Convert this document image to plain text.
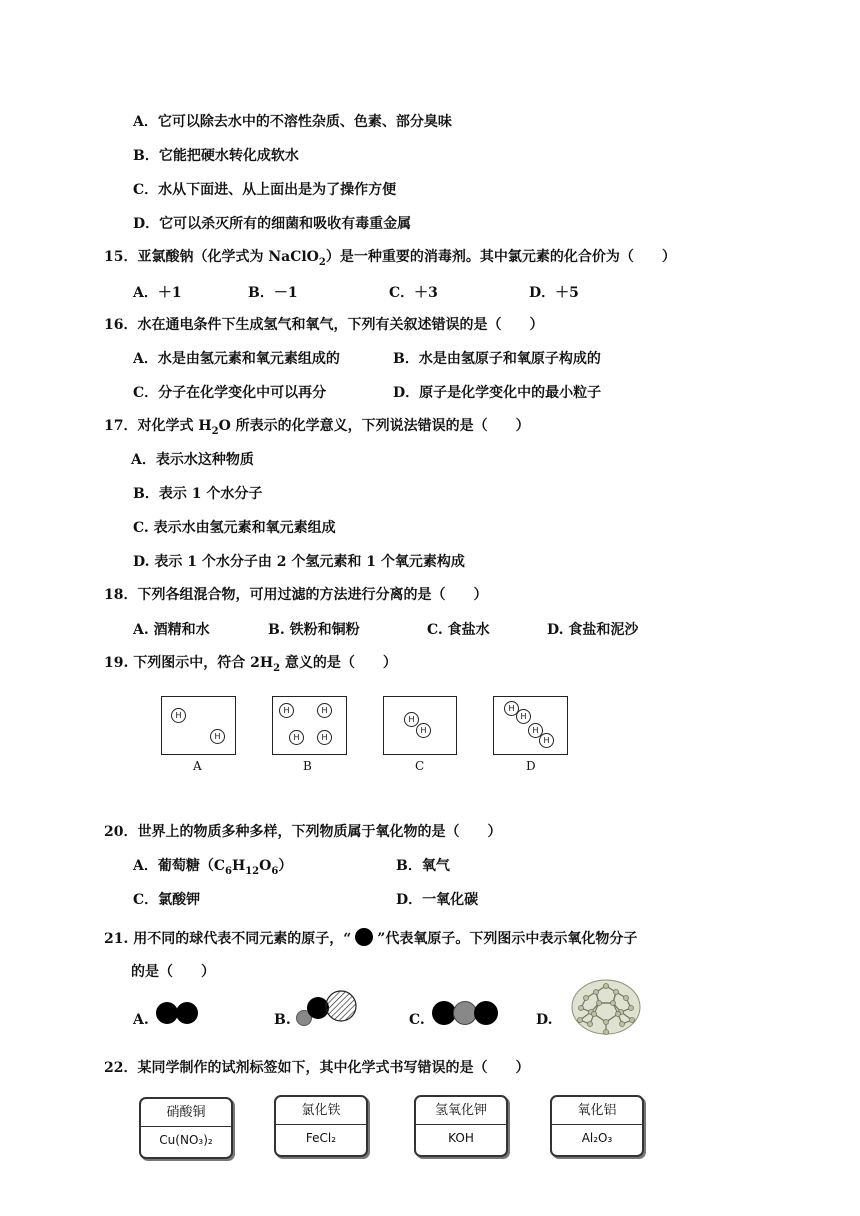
A．它可以除去水中的不溶性杂质、色素、部分臭味
B．它能把硬水转化成软水
C．水从下面进、从上面出是为了操作方便
D．它可以杀灭所有的细菌和吸收有毒重金属
15．亚氯酸钠（化学式为 NaClO$_2$）是一种重要的消毒剂。其中氯元素的化合价为（　　）
A．＋1	B．－1	C．＋3	D．＋5
16．水在通电条件下生成氢气和氧气，下列有关叙述错误的是（　　）
A．水是由氢元素和氧元素组成的	B．水是由氢原子和氧原子构成的
C．分子在化学变化中可以再分	D．原子是化学变化中的最小粒子
17．对化学式 $H_2O$ 所表示的化学意义，下列说法错误的是（　　）
A．表示水这种物质
B．表示 1 个水分子
C. 表示水由氢元素和氧元素组成
D. 表示 1 个水分子由 2 个氢元素和 1 个氧元素构成
18．下列各组混合物，可用过滤的方法进行分离的是（　　）
A. 酒精和水	B. 铁粉和铜粉	C. 食盐水	D. 食盐和泥沙
19. 下列图示中，符合 $2H_2$ 意义的是（　　）
H
H
A
H	H
H	H
B
H
H
C
H
H
H
H
D
20．世界上的物质多种多样，下列物质属于氧化物的是（　　）
A．葡萄糖$(C_6H_{12}O_6)$	B．氧气
C．氯酸钾	D．一氧化碳
21. 用不同的球代表不同元素的原子，“ ”代表氧原子。下列图示中表示氧化物分子
的是（　　）
A.	B.	C.	D.
22．某同学制作的试剂标签如下，其中化学式书写错误的是（　　）
硝酸铜
Cu(NO₃)₂
氯化铁
FeCl₂
氢氧化钾
KOH
氧化铝
Al₂O₃
